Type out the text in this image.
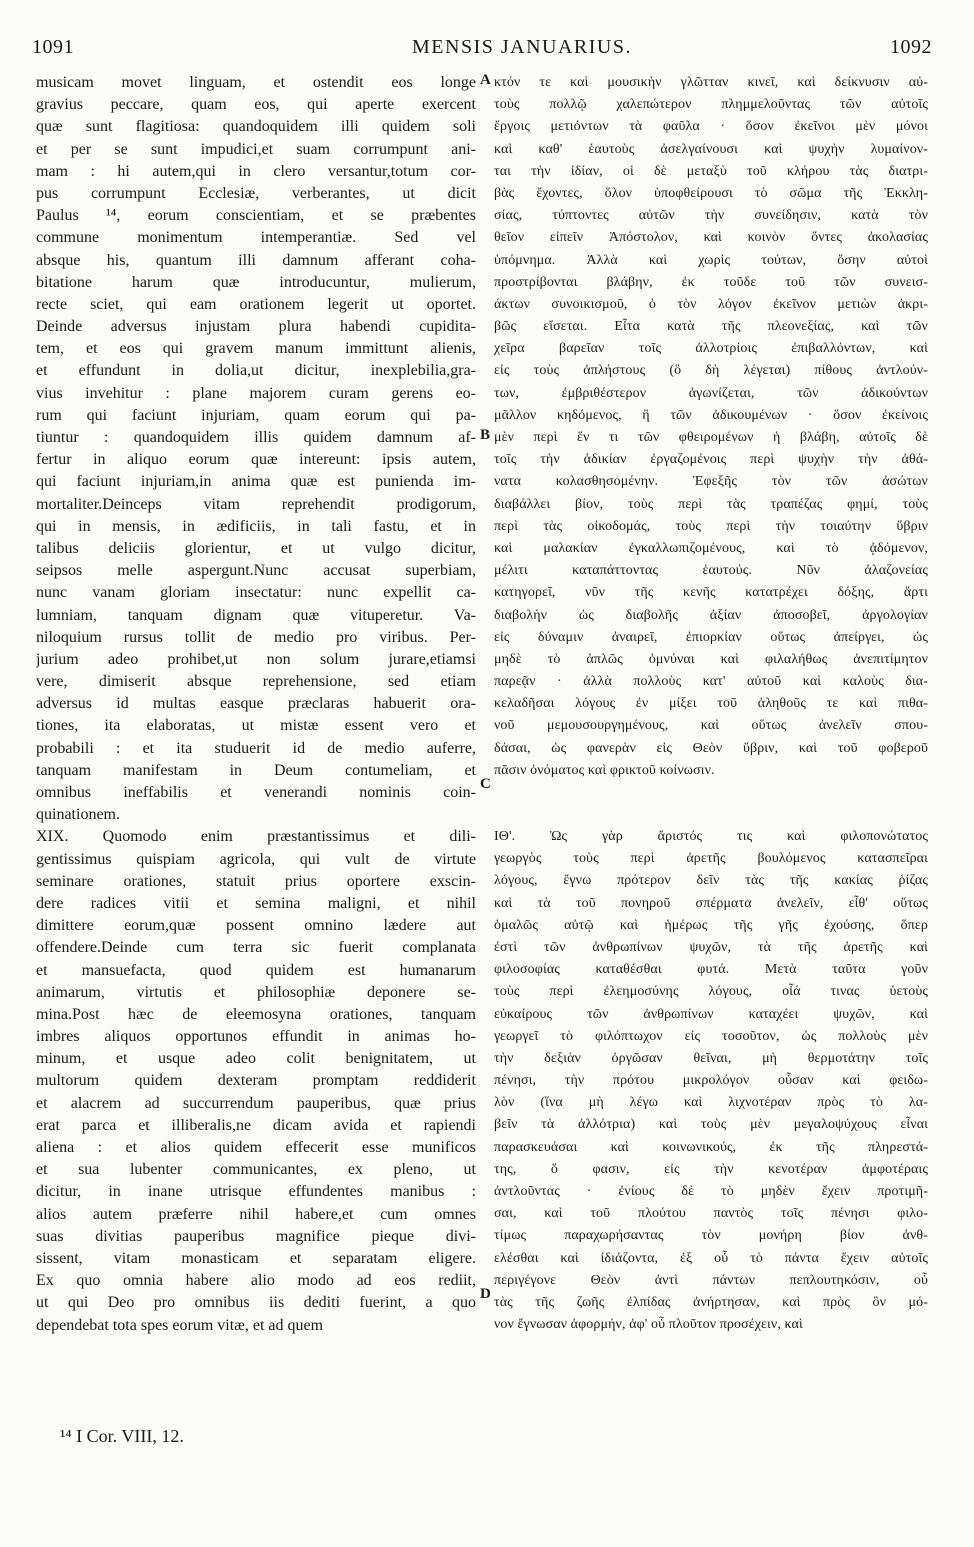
1091	MENSIS JANUARIUS.	1092
musicam movet linguam, et ostendit eos longe
gravius peccare, quam eos, qui aperte exercent
quæ sunt flagitiosa: quandoquidem illi quidem soli
et per se sunt impudici,et suam corrumpunt ani-
mam : hi autem,qui in clero versantur,totum cor-
pus corrumpunt Ecclesiæ, verberantes, ut dicit
Paulus ¹⁴, eorum conscientiam, et se præbentes
commune monimentum intemperantiæ. Sed vel
absque his, quantum illi damnum afferant coha-
bitatione harum quæ introducuntur, mulierum,
recte sciet, qui eam orationem legerit ut oportet.
Deinde adversus injustam plura habendi cupidita-
tem, et eos qui gravem manum immittunt alienis,
et effundunt in dolia,ut dicitur, inexplebilia,gra-
vius invehitur : plane majorem curam gerens eo-
rum qui faciunt injuriam, quam eorum qui pa-
tiuntur : quandoquidem illis quidem damnum af-
fertur in aliquo eorum quæ intereunt: ipsis autem,
qui faciunt injuriam,in anima quæ est puniendа im-
mortaliter.Deinceps vitam reprehendit prodigorum,
qui in mensis, in ædificiis, in tali fastu, et in
talibus deliciis glorientur, et ut vulgo dicitur,
seipsos melle aspergunt.Nunc accusat superbiam,
nunc vanam gloriam insectatur: nunc expellit ca-
lumniam, tanquam dignam quæ vituperetur. Va-
niloquium rursus tollit de medio pro viribus. Per-
jurium adeo prohibet,ut non solum jurare,etiamsi
vere, dimiserit absque reprehensione, sed etiam
adversus id multas easque præclaras habuerit ora-
tiones, ita elaboratas, ut mistæ essent vero et
probabili : et ita studuerit id de medio auferre,
tanquam manifestam in Deum contumeliam, et
omnibus ineffabilis et venerandi nominis coin-
quinationem.
XIX. Quomodo enim præstantissimus et dili-
gentissimus quispiam agricola, qui vult de virtute
seminare orationes, statuit prius oportere exscin-
dere radices vitii et semina maligni, et nihil
dimittere eorum,quæ possent omnino lædere aut
offendere.Deinde cum terra sic fuerit complanata
et mansuefacta, quod quidem est humanarum
animarum, virtutis et philosophiæ deponere se-
mina.Post hæc de eleemosyna orationes, tanquam
imbres aliquos opportunos effundit in animas ho-
minum, et usque adeo colit benignitatem, ut
multorum quidem dexteram promptam reddiderit
et alacrem ad succurrendum pauperibus, quæ prius
erat parca et illiberalis,ne dicam avida et rapiendi
aliena : et alios quidem effecerit esse munificos
et sua lubenter communicantes, ex pleno, ut
dicitur, in inane utrisque effundentes manibus :
alios autem præferre nihil habere,et cum omnes
suas divitias pauperibus magnifice pieque divi-
sissent, vitam monasticam et separatam eligere.
Ex quo omnia habere alio modo ad eos rediit,
ut qui Deo pro omnibus iis dediti fuerint, a quo
dependebat tota spes eorum vitæ, et ad quem
κτόν τε καὶ μουσικὴν γλῶτταν κινεῖ, καὶ δείκνυσιν αὐ-
τοὺς πολλῷ χαλεπώτερον πλημμελοῦντας τῶν αὐτοῖς
ἔργοις μετιόντων τὰ φαῦλα · ὅσον ἐκεῖνοι μὲν μόνοι
καὶ καθ' ἑαυτοὺς ἀσελγαίνουσι καὶ ψυχὴν λυμαίνον-
ται τὴν ἰδίαν, οἱ δὲ μεταξὺ τοῦ κλήρου τὰς διατρι-
βὰς ἔχοντες, ὅλον ὑποφθείρουσι τὸ σῶμα τῆς Ἐκκλη-
σίας, τύπτοντες αὐτῶν τὴν συνείδησιν, κατὰ τὸν
θεῖον εἰπεῖν Ἀπόστολον, καὶ κοινὸν ὄντες ἀκολασίας
ὑπόμνημα. Ἀλλὰ καὶ χωρὶς τούτων, ὅσην αὐτοὶ
προστρίβονται βλάβην, ἐκ τοῦδε τοῦ τῶν συνεισ-
άκτων συνοικισμοῦ, ὁ τὸν λόγον ἐκεῖνον μετιὼν ἀκρι-
βῶς εἴσεται. Εἶτα κατὰ τῆς πλεονεξίας, καὶ τῶν
χεῖρα βαρεῖαν τοῖς ἀλλοτρίοις ἐπιβαλλόντων, καὶ
εἰς τοὺς ἀπλήστους (ὃ δὴ λέγεται) πίθους ἀντλούν-
των, ἐμβριθέστερον ἀγωνίζεται, τῶν ἀδικούντων
μᾶλλον κηδόμενος, ἢ τῶν ἀδικουμένων · ὅσον ἐκείνοις
μὲν περὶ ἕν τι τῶν φθειρομένων ἡ βλάβη, αὐτοῖς δὲ
τοῖς τὴν ἀδικίαν ἐργαζομένοις περὶ ψυχὴν τὴν ἀθά-
νατα κολασθησομένην. Ἐφεξῆς τὸν τῶν ἀσώτων
διαβάλλει βίον, τοὺς περὶ τὰς τραπέζας φημί, τοὺς
περὶ τὰς οἰκοδομάς, τοὺς περὶ τὴν τοιαύτην ὕβριν
καὶ μαλακίαν ἐγκαλλωπιζομένους, καὶ τὸ ᾀδόμενον,
μέλιτι καταπάττοντας ἑαυτούς. Νῦν ἀλαζονείας
κατηγορεῖ, νῦν τῆς κενῆς κατατρέχει δόξης, ἄρτι
διαβολὴν ὡς διαβολῆς ἀξίαν ἀποσοβεῖ, ἀργολογίαν
εἰς δύναμιν ἀναιρεῖ, ἐπιορκίαν οὕτως ἀπείργει, ὡς
μηδὲ τὸ ἁπλῶς ὀμνύναι καὶ φιλαλήθως ἀνεπιτίμητον
παρεᾷν · ἀλλὰ πολλοὺς κατ' αὐτοῦ καὶ καλοὺς δια-
κελαδῆσαι λόγους ἐν μίξει τοῦ ἀληθοῦς τε καὶ πιθα-
νοῦ μεμουσουργημένους, καὶ οὕτως ἀνελεῖν σπου-
δάσαι, ὡς φανερὰν εἰς Θεὸν ὕβριν, καὶ τοῦ φοβεροῦ
πᾶσιν ὀνόματος καὶ φρικτοῦ κοίνωσιν.
ΙΘ'. Ὡς γὰρ ἄριστός τις καὶ φιλοπονώτατος
γεωργὸς τοὺς περὶ ἀρετῆς βουλόμενος κατασπεῖραι
λόγους, ἔγνω πρότερον δεῖν τὰς τῆς κακίας ῥίζας
καὶ τὰ τοῦ πονηροῦ σπέρματα ἀνελεῖν, εἶθ' οὕτως
ὁμαλῶς αὐτῷ καὶ ἡμέρως τῆς γῆς ἐχούσης, ὅπερ
ἐστὶ τῶν ἀνθρωπίνων ψυχῶν, τὰ τῆς ἀρετῆς καὶ
φιλοσοφίας καταθέσθαι φυτά. Μετὰ ταῦτα γοῦν
τοὺς περὶ ἐλεημοσύνης λόγους, οἷά τινας ὑετοὺς
εὐκαίρους τῶν ἀνθρωπίνων καταχέει ψυχῶν, καὶ
γεωργεῖ τὸ φιλόπτωχον εἰς τοσοῦτον, ὡς πολλοὺς μὲν
τὴν δεξιὰν ὀργῶσαν θεῖναι, μὴ θερμοτάτην τοῖς
πένησι, τὴν πρότου μικρολόγον οὖσαν καὶ φειδω-
λὸν (ἵνα μὴ λέγω καὶ λιχνοτέραν πρὸς τὸ λα-
βεῖν τὰ ἀλλότρια) καὶ τοὺς μὲν μεγαλοψύχους εἶναι
παρασκευάσαι καὶ κοινωνικούς, ἐκ τῆς πληρεστά-
της, ὅ φασιν, εἰς τὴν κενοτέραν ἀμφοτέραις
ἀντλοῦντας · ἐνίους δὲ τὸ μηδὲν ἔχειν προτιμῆ-
σαι, καὶ τοῦ πλούτου παντὸς τοῖς πένησι φιλο-
τίμως παραχωρήσαντας τὸν μονήρη βίον ἀνθ-
ελέσθαι καὶ ἰδιάζοντα, ἐξ οὗ τὸ πάντα ἔχειν αὐτοῖς
περιγέγονε Θεὸν ἀντὶ πάντων πεπλουτηκόσιν, οὗ
τὰς τῆς ζωῆς ἐλπίδας ἀνήρτησαν, καὶ πρὸς ὃν μό-
νον ἔγνωσαν ἀφορμήν, ἀφ' οὗ πλοῦτον προσέχειν, καὶ
A
B
C
D
¹⁴ I Cor. VIII, 12.
